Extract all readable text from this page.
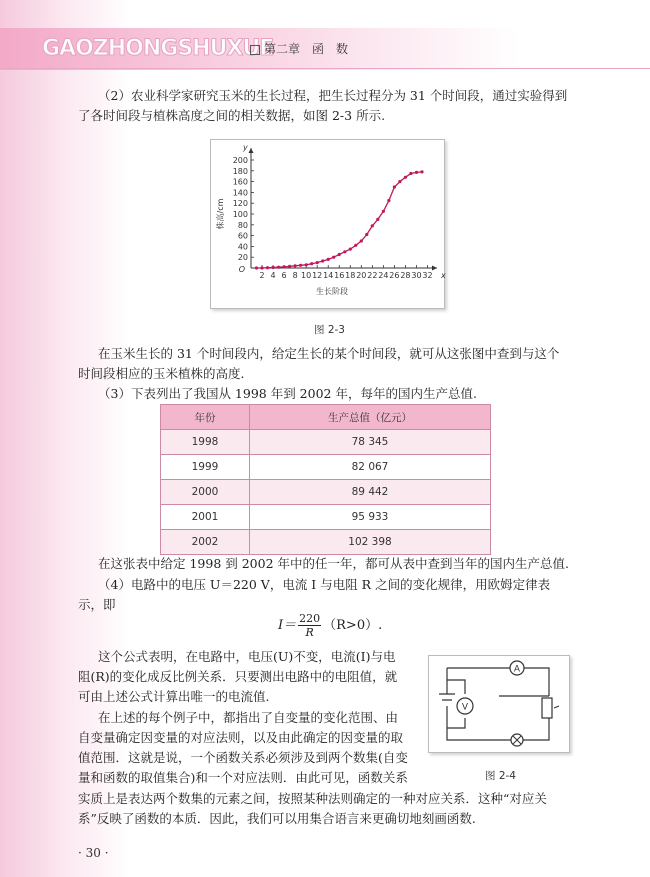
GAOZHONGSHUXUE
第二章　函　数
（2）农业科学家研究玉米的生长过程，把生长过程分为 31 个时间段，通过实验得到
了各时间段与植株高度之间的相关数据，如图 2-3 所示.
2 4 6 8 10 12 14 16 18 20 22 24 26 28 30 32
20
40
60
80
100
120
140
160
180
200
O
x
y
生长阶段
株高/cm
图 2-3
在玉米生长的 31 个时间段内，给定生长的某个时间段，就可从这张图中查到与这个
时间段相应的玉米植株的高度.
（3）下表列出了我国从 1998 年到 2002 年，每年的国内生产总值.
年份	生产总值（亿元）
1998	78 345
1999	82 067
2000	89 442
2001	95 933
2002	102 398
在这张表中给定 1998 到 2002 年中的任一年，都可从表中查到当年的国内生产总值.
（4）电路中的电压 U＝220 V，电流 I 与电阻 R 之间的变化规律，用欧姆定律表
示，即
$I= \frac{220}{R} (R>0)$.
这个公式表明，在电路中，电压(U)不变，电流(I)与电
阻(R)的变化成反比例关系．只要测出电路中的电阻值，就
可由上述公式计算出唯一的电流值.
在上述的每个例子中，都指出了自变量的变化范围、由
自变量确定因变量的对应法则，以及由此确定的因变量的取
值范围．这就是说，一个函数关系必须涉及到两个数集(自变
量和函数的取值集合)和一个对应法则．由此可见，函数关系
实质上是表达两个数集的元素之间，按照某种法则确定的一种对应关系．这种“对应关
系”反映了函数的本质．因此，我们可以用集合语言来更确切地刻画函数.
A
V
图 2-4
· 30 ·
